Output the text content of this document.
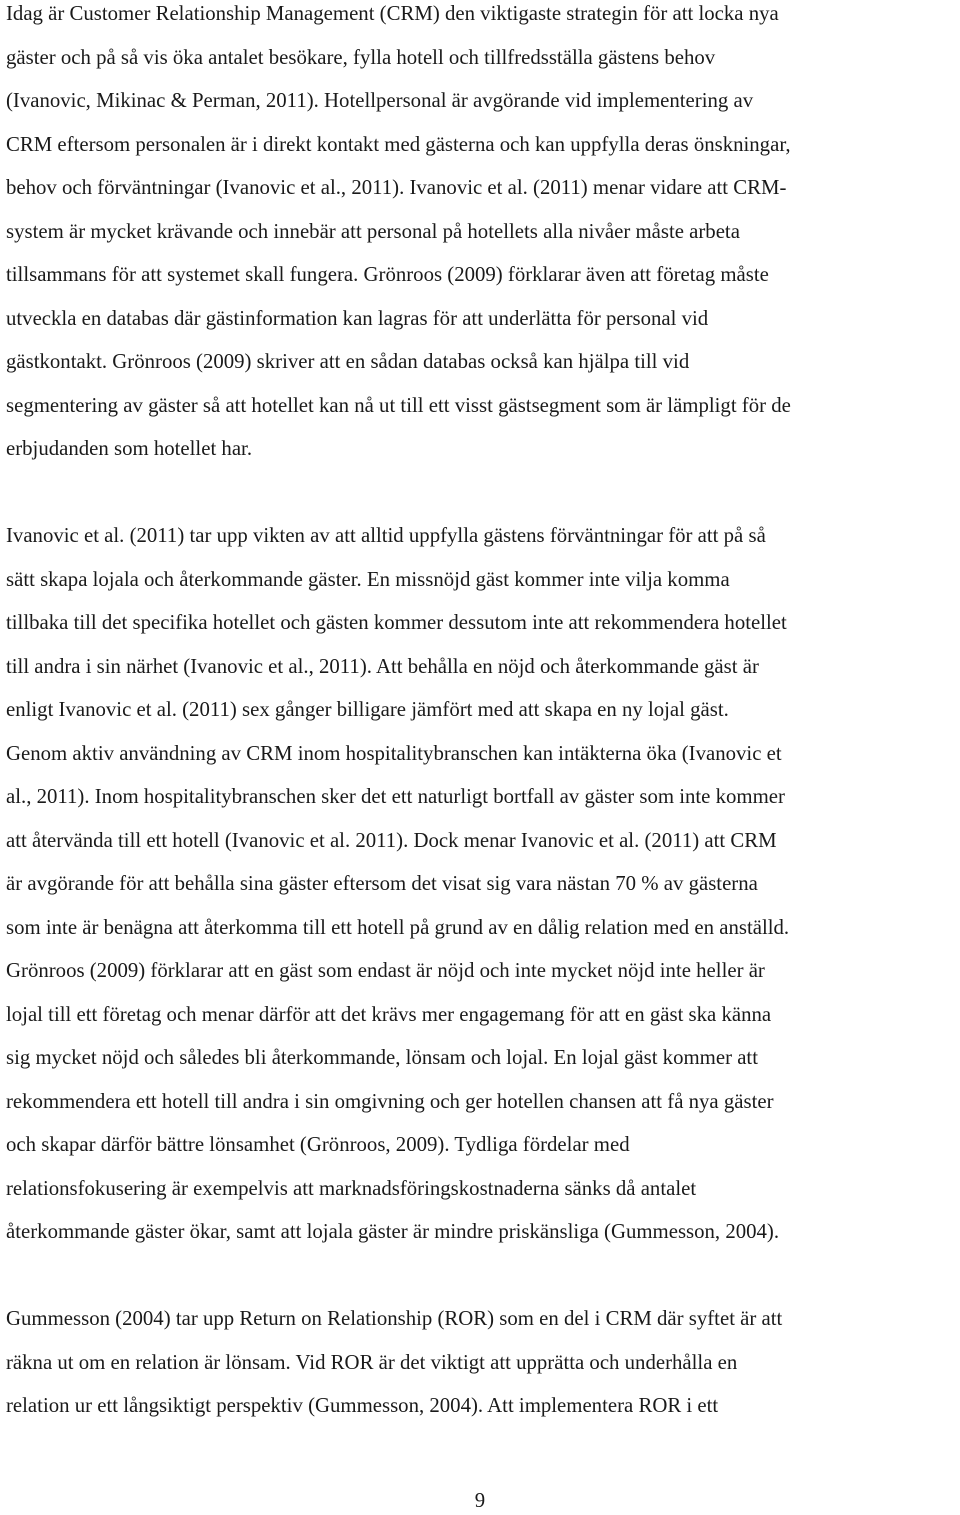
Idag är Customer Relationship Management (CRM) den viktigaste strategin för att locka nya

gäster och på så vis öka antalet besökare, fylla hotell och tillfredsställa gästens behov

(Ivanovic, Mikinac & Perman, 2011). Hotellpersonal är avgörande vid implementering av

CRM eftersom personalen är i direkt kontakt med gästerna och kan uppfylla deras önskningar,

behov och förväntningar (Ivanovic et al., 2011). Ivanovic et al. (2011) menar vidare att CRM-

system är mycket krävande och innebär att personal på hotellets alla nivåer måste arbeta

tillsammans för att systemet skall fungera. Grönroos (2009) förklarar även att företag måste

utveckla en databas där gästinformation kan lagras för att underlätta för personal vid

gästkontakt. Grönroos (2009) skriver att en sådan databas också kan hjälpa till vid

segmentering av gäster så att hotellet kan nå ut till ett visst gästsegment som är lämpligt för de

erbjudanden som hotellet har.

Ivanovic et al. (2011) tar upp vikten av att alltid uppfylla gästens förväntningar för att på så

sätt skapa lojala och återkommande gäster. En missnöjd gäst kommer inte vilja komma

tillbaka till det specifika hotellet och gästen kommer dessutom inte att rekommendera hotellet

till andra i sin närhet (Ivanovic et al., 2011). Att behålla en nöjd och återkommande gäst är

enligt Ivanovic et al. (2011) sex gånger billigare jämfört med att skapa en ny lojal gäst.

Genom aktiv användning av CRM inom hospitalitybranschen kan intäkterna öka (Ivanovic et

al., 2011). Inom hospitalitybranschen sker det ett naturligt bortfall av gäster som inte kommer

att återvända till ett hotell (Ivanovic et al. 2011). Dock menar Ivanovic et al. (2011) att CRM

är avgörande för att behålla sina gäster eftersom det visat sig vara nästan 70 % av gästerna

som inte är benägna att återkomma till ett hotell på grund av en dålig relation med en anställd.

Grönroos (2009) förklarar att en gäst som endast är nöjd och inte mycket nöjd inte heller är

lojal till ett företag och menar därför att det krävs mer engagemang för att en gäst ska känna

sig mycket nöjd och således bli återkommande, lönsam och lojal. En lojal gäst kommer att

rekommendera ett hotell till andra i sin omgivning och ger hotellen chansen att få nya gäster

och skapar därför bättre lönsamhet (Grönroos, 2009). Tydliga fördelar med

relationsfokusering är exempelvis att marknadsföringskostnaderna sänks då antalet

återkommande gäster ökar, samt att lojala gäster är mindre priskänsliga (Gummesson, 2004).

Gummesson (2004) tar upp Return on Relationship (ROR) som en del i CRM där syftet är att

räkna ut om en relation är lönsam. Vid ROR är det viktigt att upprätta och underhålla en

relation ur ett långsiktigt perspektiv (Gummesson, 2004). Att implementera ROR i ett

9
